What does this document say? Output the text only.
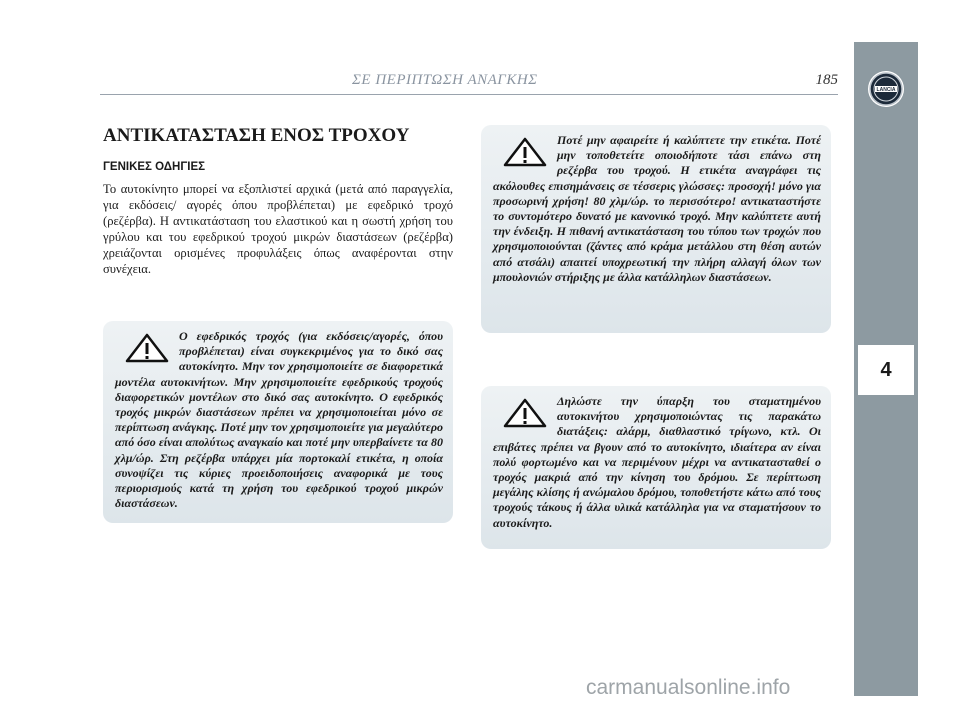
ΣΕ ΠΕΡΙΠΤΩΣΗ ΑΝΑΓΚΗΣ	185
LANCIA
4
ΑΝΤΙΚΑΤΑΣΤΑΣΗ ΕΝΟΣ ΤΡΟΧΟΥ
ΓΕΝΙΚΕΣ ΟΔΗΓΙΕΣ

Το αυτοκίνητο μπορεί να εξοπλιστεί αρχικά (μετά από παραγγελία, για εκδόσεις/ αγορές όπου προβλέπεται) με εφεδρικό τροχό (ρεζέρβα). Η αντικατάσταση του ελαστικού και η σωστή χρήση του γρύλου και του εφεδρικού τροχού μικρών διαστάσεων (ρεζέρβα) χρειάζονται ορισμένες προφυλάξεις όπως αναφέρονται στην συνέχεια.

Ο εφεδρικός τροχός (για εκδόσεις/αγορές, όπου προβλέπεται) είναι συγκεκριμένος για το δικό σας αυτοκίνητο. Μην τον χρησιμοποιείτε σε διαφορετικά μοντέλα αυτοκινήτων. Μην χρησιμοποιείτε εφεδρικούς τροχούς διαφορετικών μοντέλων στο δικό σας αυτοκίνητο. Ο εφεδρικός τροχός μικρών διαστάσεων πρέπει να χρησιμοποιείται μόνο σε περίπτωση ανάγκης. Ποτέ μην τον χρησιμοποιείτε για μεγαλύτερο από όσο είναι απολύτως αναγκαίο και ποτέ μην υπερβαίνετε τα 80 χλμ/ώρ. Στη ρεζέρβα υπάρχει μία πορτοκαλί ετικέτα, η οποία συνοψίζει τις κύριες προειδοποιήσεις αναφορικά με τους περιορισμούς κατά τη χρήση του εφεδρικού τροχού μικρών διαστάσεων.

Ποτέ μην αφαιρείτε ή καλύπτετε την ετικέτα. Ποτέ μην τοποθετείτε οποιοδήποτε τάσι επάνω στη ρεζέρβα του τροχού. Η ετικέτα αναγράφει τις ακόλουθες επισημάνσεις σε τέσσερις γλώσσες: προσοχή! μόνο για προσωρινή χρήση! 80 χλμ/ώρ. το περισσότερο! αντικαταστήστε το συντομότερο δυνατό με κανονικό τροχό. Μην καλύπτετε αυτή την ένδειξη. Η πιθανή αντικατάσταση του τύπου των τροχών που χρησιμοποιούνται (ζάντες από κράμα μετάλλου στη θέση αυτών από ατσάλι) απαιτεί υποχρεωτική την πλήρη αλλαγή όλων των μπουλονιών στήριξης με άλλα κατάλληλων διαστάσεων.

Δηλώστε την ύπαρξη του σταματημένου αυτοκινήτου χρησιμοποιώντας τις παρακάτω διατάξεις: αλάρμ, διαθλαστικό τρίγωνο, κτλ. Οι επιβάτες πρέπει να βγουν από το αυτοκίνητο, ιδιαίτερα αν είναι πολύ φορτωμένο και να περιμένουν μέχρι να αντικατασταθεί ο τροχός μακριά από την κίνηση του δρόμου. Σε περίπτωση μεγάλης κλίσης ή ανώμαλου δρόμου, τοποθετήστε κάτω από τους τροχούς τάκους ή άλλα υλικά κατάλληλα για να σταματήσουν το αυτοκίνητο.

carmanualsonline.info
